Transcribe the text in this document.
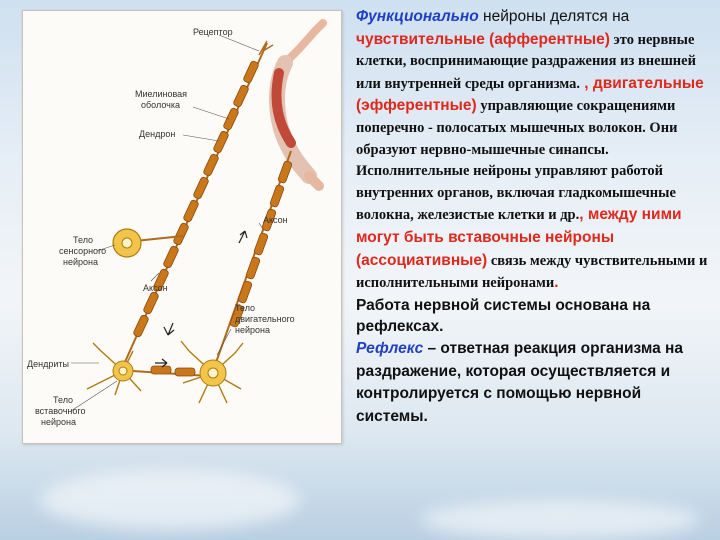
Рецептор
Миелиновая
оболочка
Дендрон
Тело
сенсорного
нейрона
Аксон
Аксон
Тело
двигательного
нейрона
Дендриты
Тело
вставочного
нейрона

Функционально нейроны делятся на чувствительные (афферентные) это нервные клетки, воспринимающие раздражения из внешней или внутренней среды организма. , двигательные (эфферентные) управляющие сокращениями поперечно - полосатых мышечных волокон. Они образуют нервно-мышечные синапсы. Исполнительные нейроны управляют работой внутренних органов, включая гладкомышечные волокна, железистые клетки и др., между ними могут быть вставочные нейроны (ассоциативные) связь между чувствительными и исполнительными нейронами.

Работа нервной системы основана на рефлексах.

Рефлекс – ответная реакция организма на раздражение, которая осуществляется и контролируется с помощью нервной системы.
